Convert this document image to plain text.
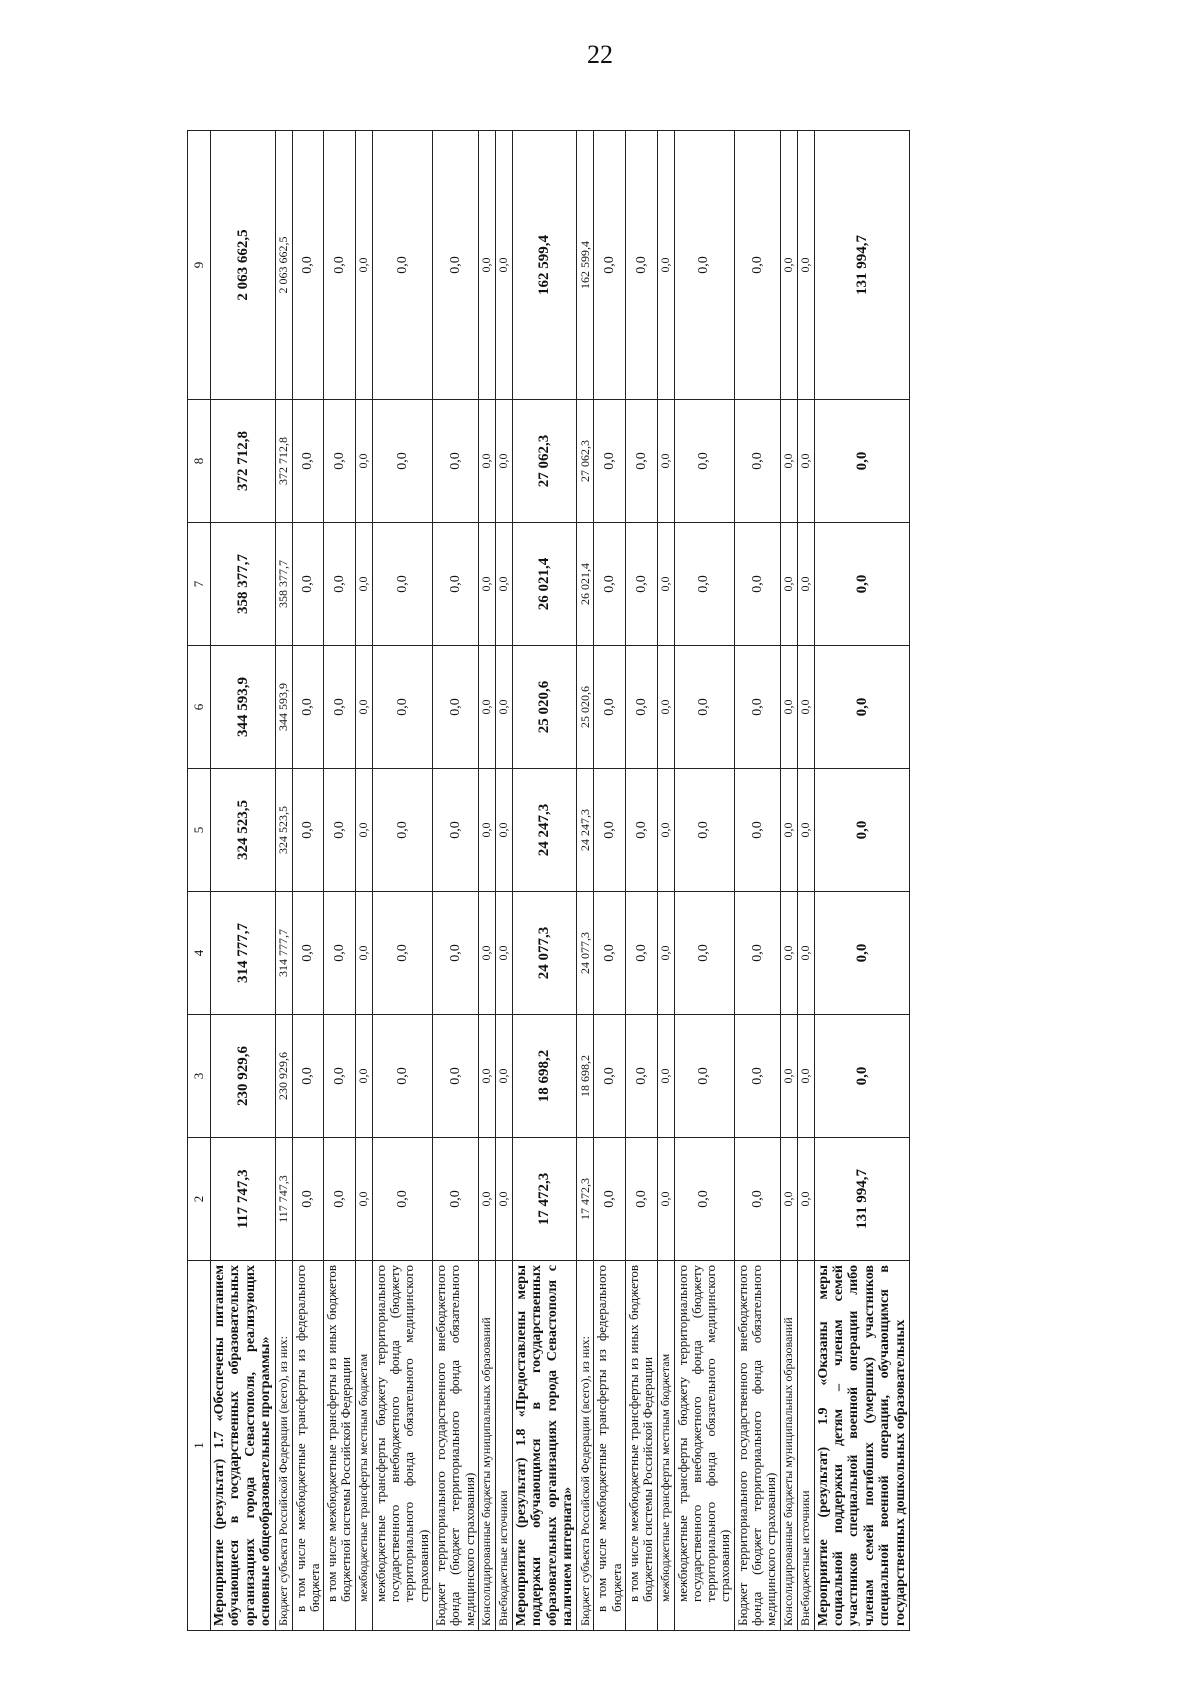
22
1	2	3	4	5	6	7	8	9
Мероприятие (результат) 1.7 «Обеспечены питанием обучающиеся в государственных образовательных организациях города Севастополя, реализующих основные общеобразовательные программы»	117 747,3	230 929,6	314 777,7	324 523,5	344 593,9	358 377,7	372 712,8	2 063 662,5
Бюджет субъекта Российской Федерации (всего), из них:	117 747,3	230 929,6	314 777,7	324 523,5	344 593,9	358 377,7	372 712,8	2 063 662,5
в том числе межбюджетные трансферты из федерального бюджета	0,0	0,0	0,0	0,0	0,0	0,0	0,0	0,0
в том числе межбюджетные трансферты из иных бюджетов бюджетной системы Российской Федерации	0,0	0,0	0,0	0,0	0,0	0,0	0,0	0,0
межбюджетные трансферты местным бюджетам	0,0	0,0	0,0	0,0	0,0	0,0	0,0	0,0
межбюджетные трансферты бюджету территориального государственного внебюджетного фонда (бюджету территориального фонда обязательного медицинского страхования)	0,0	0,0	0,0	0,0	0,0	0,0	0,0	0,0
Бюджет территориального государственного внебюджетного фонда (бюджет территориального фонда обязательного медицинского страхования)	0,0	0,0	0,0	0,0	0,0	0,0	0,0	0,0
Консолидированные бюджеты муниципальных образований	0,0	0,0	0,0	0,0	0,0	0,0	0,0	0,0
Внебюджетные источники	0,0	0,0	0,0	0,0	0,0	0,0	0,0	0,0
Мероприятие (результат) 1.8 «Предоставлены меры поддержки обучающимся в государственных образовательных организациях города Севастополя с наличием интерната»	17 472,3	18 698,2	24 077,3	24 247,3	25 020,6	26 021,4	27 062,3	162 599,4
Бюджет субъекта Российской Федерации (всего), из них:	17 472,3	18 698,2	24 077,3	24 247,3	25 020,6	26 021,4	27 062,3	162 599,4
в том числе межбюджетные трансферты из федерального бюджета	0,0	0,0	0,0	0,0	0,0	0,0	0,0	0,0
в том числе межбюджетные трансферты из иных бюджетов бюджетной системы Российской Федерации	0,0	0,0	0,0	0,0	0,0	0,0	0,0	0,0
межбюджетные трансферты местным бюджетам	0,0	0,0	0,0	0,0	0,0	0,0	0,0	0,0
межбюджетные трансферты бюджету территориального государственного внебюджетного фонда (бюджету территориального фонда обязательного медицинского страхования)	0,0	0,0	0,0	0,0	0,0	0,0	0,0	0,0
Бюджет территориального государственного внебюджетного фонда (бюджет территориального фонда обязательного медицинского страхования)	0,0	0,0	0,0	0,0	0,0	0,0	0,0	0,0
Консолидированные бюджеты муниципальных образований	0,0	0,0	0,0	0,0	0,0	0,0	0,0	0,0
Внебюджетные источники	0,0	0,0	0,0	0,0	0,0	0,0	0,0	0,0
Мероприятие (результат) 1.9 «Оказаны меры социальной поддержки детям – членам семей участников специальной военной операции либо членам семей погибших (умерших) участников специальной военной операции, обучающимся в государственных дошкольных образовательных	131 994,7	0,0	0,0	0,0	0,0	0,0	0,0	131 994,7
